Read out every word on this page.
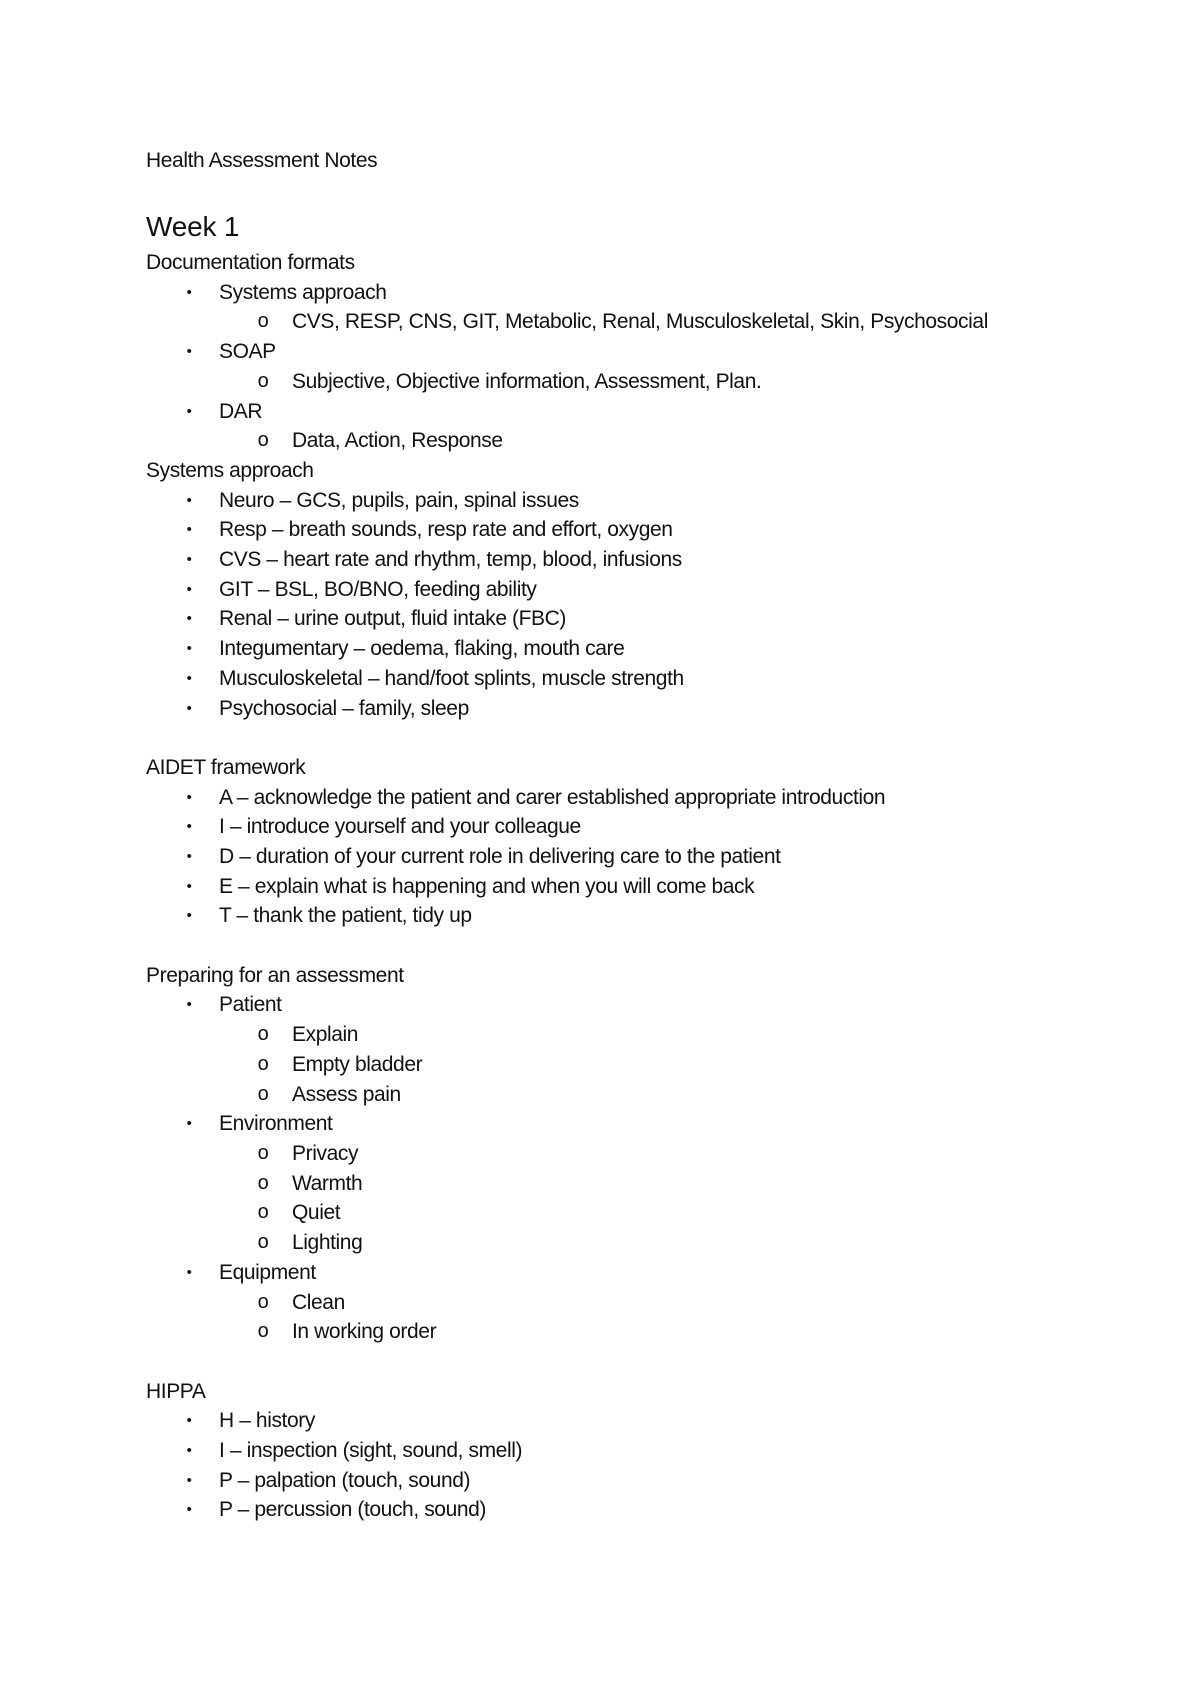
Health Assessment Notes
Week 1
Documentation formats
• Systems approach
o CVS, RESP, CNS, GIT, Metabolic, Renal, Musculoskeletal, Skin, Psychosocial
• SOAP
o Subjective, Objective information, Assessment, Plan.
• DAR
o Data, Action, Response
Systems approach
• Neuro – GCS, pupils, pain, spinal issues
• Resp – breath sounds, resp rate and effort, oxygen
• CVS – heart rate and rhythm, temp, blood, infusions
• GIT – BSL, BO/BNO, feeding ability
• Renal – urine output, fluid intake (FBC)
• Integumentary – oedema, flaking, mouth care
• Musculoskeletal – hand/foot splints, muscle strength
• Psychosocial – family, sleep
AIDET framework
• A – acknowledge the patient and carer established appropriate introduction
• I – introduce yourself and your colleague
• D – duration of your current role in delivering care to the patient
• E – explain what is happening and when you will come back
• T – thank the patient, tidy up
Preparing for an assessment
• Patient
o Explain
o Empty bladder
o Assess pain
• Environment
o Privacy
o Warmth
o Quiet
o Lighting
• Equipment
o Clean
o In working order
HIPPA
• H – history
• I – inspection (sight, sound, smell)
• P – palpation (touch, sound)
• P – percussion (touch, sound)
